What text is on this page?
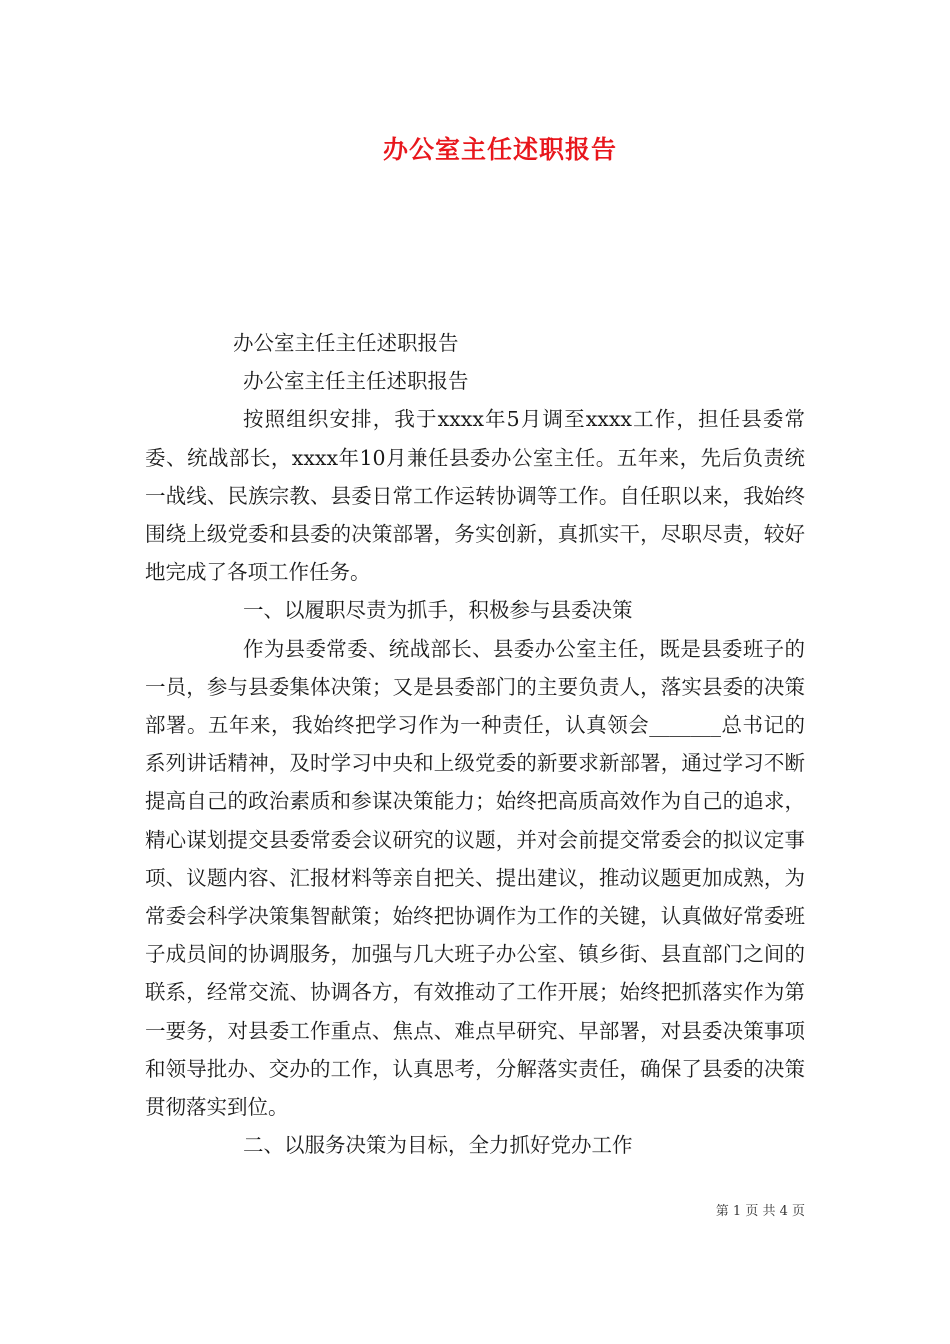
办公室主任述职报告

办公室主任主任述职报告

办公室主任主任述职报告

按照组织安排，我于xxxx年5月调至xxxx工作，担任县委常委、统战部长，xxxx年10月兼任县委办公室主任。五年来，先后负责统一战线、民族宗教、县委日常工作运转协调等工作。自任职以来，我始终围绕上级党委和县委的决策部署，务实创新，真抓实干，尽职尽责，较好地完成了各项工作任务。

一、以履职尽责为抓手，积极参与县委决策

作为县委常委、统战部长、县委办公室主任，既是县委班子的一员，参与县委集体决策；又是县委部门的主要负责人，落实县委的决策部署。五年来，我始终把学习作为一种责任，认真领会_______总书记的系列讲话精神，及时学习中央和上级党委的新要求新部署，通过学习不断提高自己的政治素质和参谋决策能力；始终把高质高效作为自己的追求，精心谋划提交县委常委会议研究的议题，并对会前提交常委会的拟议定事项、议题内容、汇报材料等亲自把关、提出建议，推动议题更加成熟，为常委会科学决策集智献策；始终把协调作为工作的关键，认真做好常委班子成员间的协调服务，加强与几大班子办公室、镇乡街、县直部门之间的联系，经常交流、协调各方，有效推动了工作开展；始终把抓落实作为第一要务，对县委工作重点、焦点、难点早研究、早部署，对县委决策事项和领导批办、交办的工作，认真思考，分解落实责任，确保了县委的决策贯彻落实到位。

二、以服务决策为目标，全力抓好党办工作

第 1 页 共 4 页
